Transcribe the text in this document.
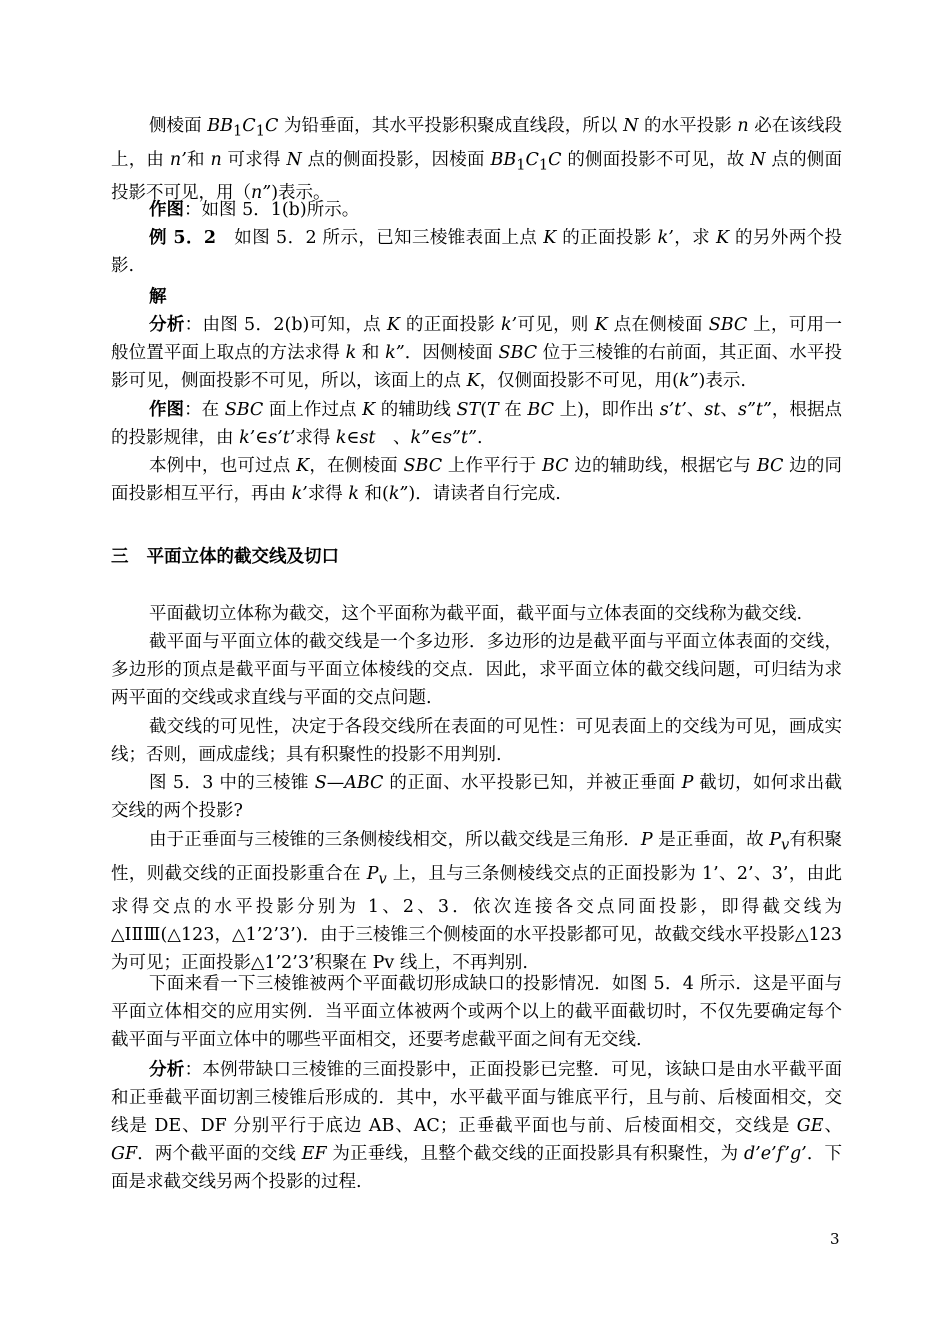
侧棱面 $BB_1C_1C$ 为铅垂面，其水平投影积聚成直线段，所以 N 的水平投影 n 必在该线段上，由 n’和 n 可求得 N 点的侧面投影，因棱面 $BB_1C_1C$ 的侧面投影不可见，故 N 点的侧面投影不可见，用（n”)表示。

作图：如图 5．1(b)所示。

例 5．2　如图 5．2 所示，已知三棱锥表面上点 K 的正面投影 k’，求 K 的另外两个投影.

解

分析：由图 5．2(b)可知，点 K 的正面投影 k’可见，则 K 点在侧棱面 SBC 上，可用一般位置平面上取点的方法求得 k 和 k”．因侧棱面 SBC 位于三棱锥的右前面，其正面、水平投影可见，侧面投影不可见，所以，该面上的点 K，仅侧面投影不可见，用(k”)表示.

作图：在 SBC 面上作过点 K 的辅助线 ST(T 在 BC 上)，即作出 s’t’、st、s”t”，根据点的投影规律，由 k’∈s’t’求得 k∈st　、k”∈s”t”.

本例中，也可过点 K，在侧棱面 SBC 上作平行于 BC 边的辅助线，根据它与 BC 边的同面投影相互平行，再由 k’求得 k 和(k”)．请读者自行完成.

三 平面立体的截交线及切口

平面截切立体称为截交，这个平面称为截平面，截平面与立体表面的交线称为截交线.

截平面与平面立体的截交线是一个多边形．多边形的边是截平面与平面立体表面的交线，多边形的顶点是截平面与平面立体棱线的交点．因此，求平面立体的截交线问题，可归结为求两平面的交线或求直线与平面的交点问题.

截交线的可见性，决定于各段交线所在表面的可见性：可见表面上的交线为可见，画成实线；否则，画成虚线；具有积聚性的投影不用判别.

图 5．3 中的三棱锥 S—ABC 的正面、水平投影已知，并被正垂面 P 截切，如何求出截交线的两个投影?

由于正垂面与三棱锥的三条侧棱线相交，所以截交线是三角形．P 是正垂面，故 $P_v$有积聚性，则截交线的正面投影重合在 $P_v$ 上，且与三条侧棱线交点的正面投影为 1’、2’、3’，由此求得交点的水平投影分别为 1、2、3．依次连接各交点同面投影，即得截交线为△ⅠⅡⅢ(△123，△1’2’3’)．由于三棱锥三个侧棱面的水平投影都可见，故截交线水平投影△123 为可见；正面投影△1’2’3’积聚在 Pv 线上，不再判别.

下面来看一下三棱锥被两个平面截切形成缺口的投影情况．如图 5．4 所示．这是平面与平面立体相交的应用实例．当平面立体被两个或两个以上的截平面截切时，不仅先要确定每个截平面与平面立体中的哪些平面相交，还要考虑截平面之间有无交线.

分析：本例带缺口三棱锥的三面投影中，正面投影已完整．可见，该缺口是由水平截平面和正垂截平面切割三棱锥后形成的．其中，水平截平面与锥底平行，且与前、后棱面相交，交线是 DE、DF 分别平行于底边 AB、AC；正垂截平面也与前、后棱面相交，交线是 GE、GF．两个截平面的交线 EF 为正垂线，且整个截交线的正面投影具有积聚性，为 d’e’f’g’．下面是求截交线另两个投影的过程.

3
